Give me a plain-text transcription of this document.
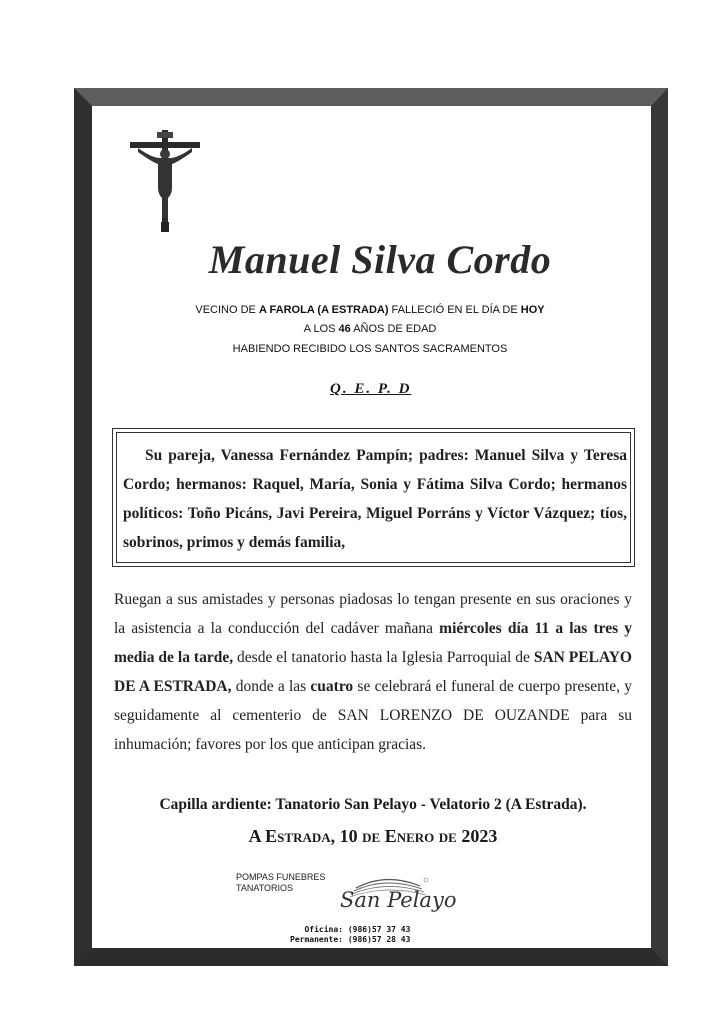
Manuel Silva Cordo
VECINO DE A FAROLA (A ESTRADA) FALLECIÓ EN EL DÍA DE HOY
A LOS 46 AÑOS DE EDAD
HABIENDO RECIBIDO LOS SANTOS SACRAMENTOS
Q. E. P. D
Su pareja, Vanessa Fernández Pampín; padres: Manuel Silva y Teresa Cordo; hermanos: Raquel, María, Sonia y Fátima Silva Cordo; hermanos políticos: Toño Picáns, Javi Pereira, Miguel Porráns y Víctor Vázquez; tíos, sobrinos, primos y demás familia,
Ruegan a sus amistades y personas piadosas lo tengan presente en sus oraciones y la asistencia a la conducción del cadáver mañana miércoles día 11 a las tres y media de la tarde, desde el tanatorio hasta la Iglesia Parroquial de SAN PELAYO DE A ESTRADA, donde a las cuatro se celebrará el funeral de cuerpo presente, y seguidamente al cementerio de SAN LORENZO DE OUZANDE para su inhumación; favores por los que anticipan gracias.
Capilla ardiente: Tanatorio San Pelayo - Velatorio 2 (A Estrada).
A Estrada, 10 de Enero de 2023
POMPAS FUNEBRES
TANATORIOS	San Pelayo
Oficina: (986)57 37 43
Permanente: (986)57 28 43
